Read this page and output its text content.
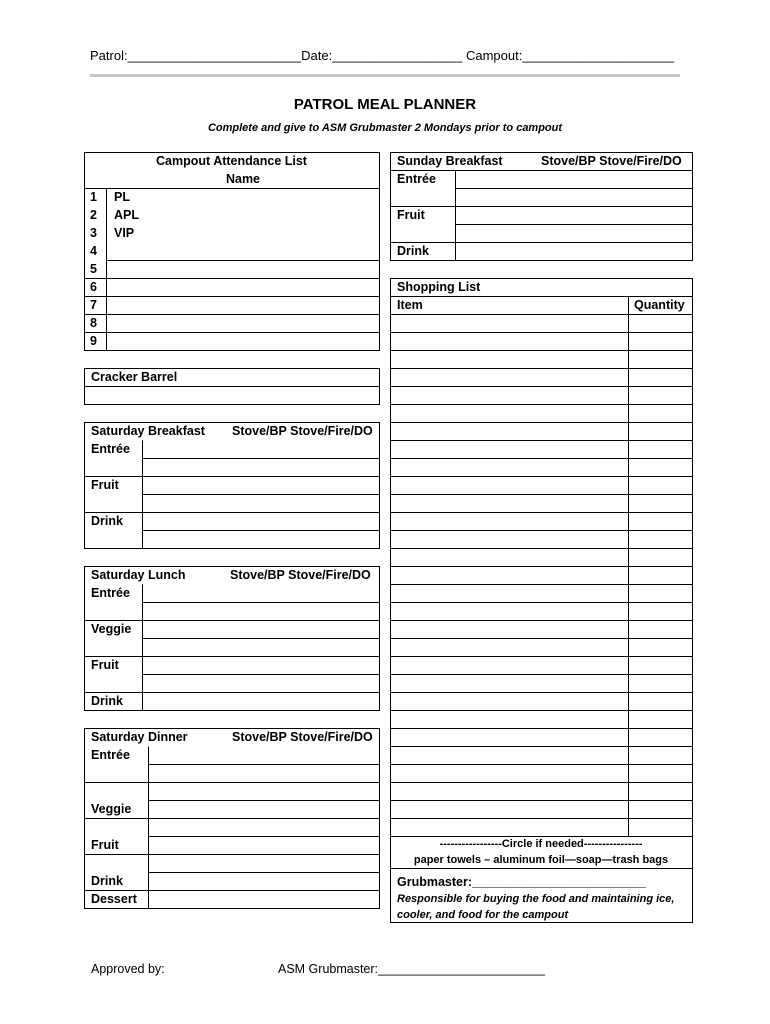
Patrol:________________________Date:__________________ Campout:_____________________
PATROL MEAL PLANNER
Complete and give to ASM Grubmaster 2 Mondays prior to campout
Campout Attendance List
Name
1 PL
2 APL
3 VIP
4
5
6
7
8
9
Cracker Barrel
Saturday Breakfast Stove/BP Stove/Fire/DO
Entrée
Fruit
Drink
Saturday Lunch	Stove/BP Stove/Fire/DO
Entrée
Veggie
Fruit
Drink
Saturday Dinner	Stove/BP Stove/Fire/DO
Entrée
Veggie
Fruit
Drink
Dessert
Sunday Breakfast	Stove/BP Stove/Fire/DO
Entrée
Fruit
Drink
Shopping List
Item	Quantity
-----------------Circle if needed----------------
paper towels – aluminum foil—soap—trash bags
Grubmaster:_________________________
Responsible for buying the food and maintaining ice, cooler, and food for the campout
Approved by:	ASM Grubmaster:________________________
